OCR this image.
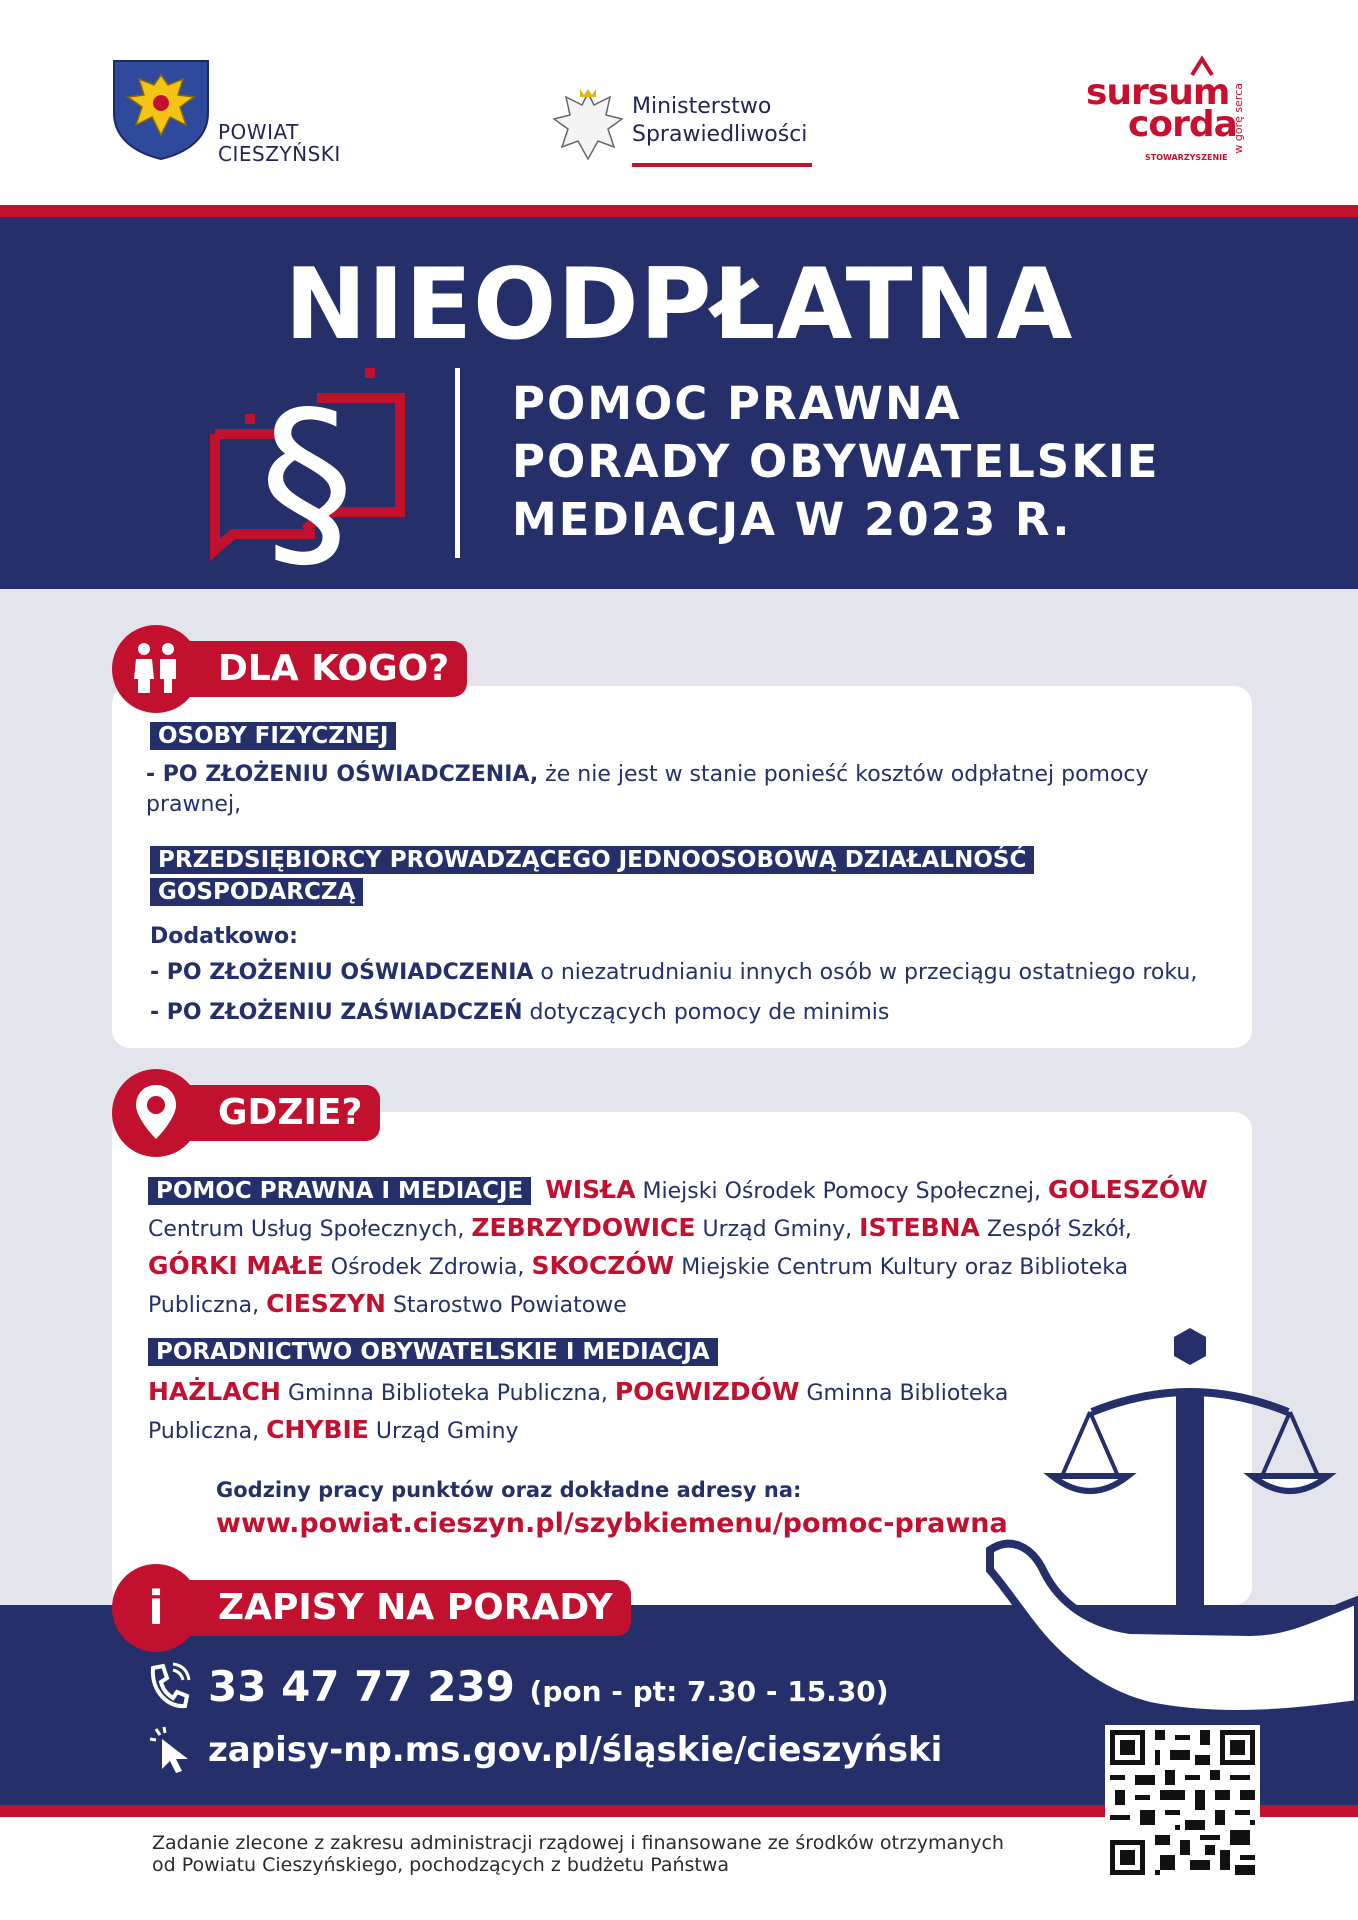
POWIAT
CIESZYŃSKI
Ministerstwo
Sprawiedliwości
sursum
corda
STOWARZYSZENIE
w górę serca
NIEODPŁATNA
§	POMOC PRAWNA
PORADY OBYWATELSKIE
MEDIACJA W 2023 R.
OSOBY FIZYCZNEJ
- PO ZŁOŻENIU OŚWIADCZENIA, że nie jest w stanie ponieść kosztów odpłatnej pomocy prawnej,
PRZEDSIĘBIORCY PROWADZĄCEGO JEDNOOSOBOWĄ DZIAŁALNOŚĆ
GOSPODARCZĄ
Dodatkowo:
- PO ZŁOŻENIU OŚWIADCZENIA o niezatrudnianiu innych osób w przeciągu ostatniego roku,
- PO ZŁOŻENIU ZAŚWIADCZEŃ dotyczących pomocy de minimis
DLA KOGO?
POMOC PRAWNA I MEDIACJE WISŁA Miejski Ośrodek Pomocy Społecznej, GOLESZÓW Centrum Usług Społecznych, ZEBRZYDOWICE Urząd Gminy, ISTEBNA Zespół Szkół, GÓRKI MAŁE Ośrodek Zdrowia, SKOCZÓW Miejskie Centrum Kultury oraz Biblioteka Publiczna, CIESZYN Starostwo Powiatowe
PORADNICTWO OBYWATELSKIE I MEDIACJA
HAŻLACH Gminna Biblioteka Publiczna, POGWIZDÓW Gminna Biblioteka Publiczna, CHYBIE Urząd Gminy
Godziny pracy punktów oraz dokładne adresy na:
www.powiat.cieszyn.pl/szybkiemenu/pomoc-prawna
GDZIE?
ZAPISY NA PORADY
i
33 47 77 239 (pon - pt: 7.30 - 15.30)
zapisy-np.ms.gov.pl/śląskie/cieszyński
Zadanie zlecone z zakresu administracji rządowej i finansowane ze środków otrzymanych
od Powiatu Cieszyńskiego, pochodzących z budżetu Państwa
